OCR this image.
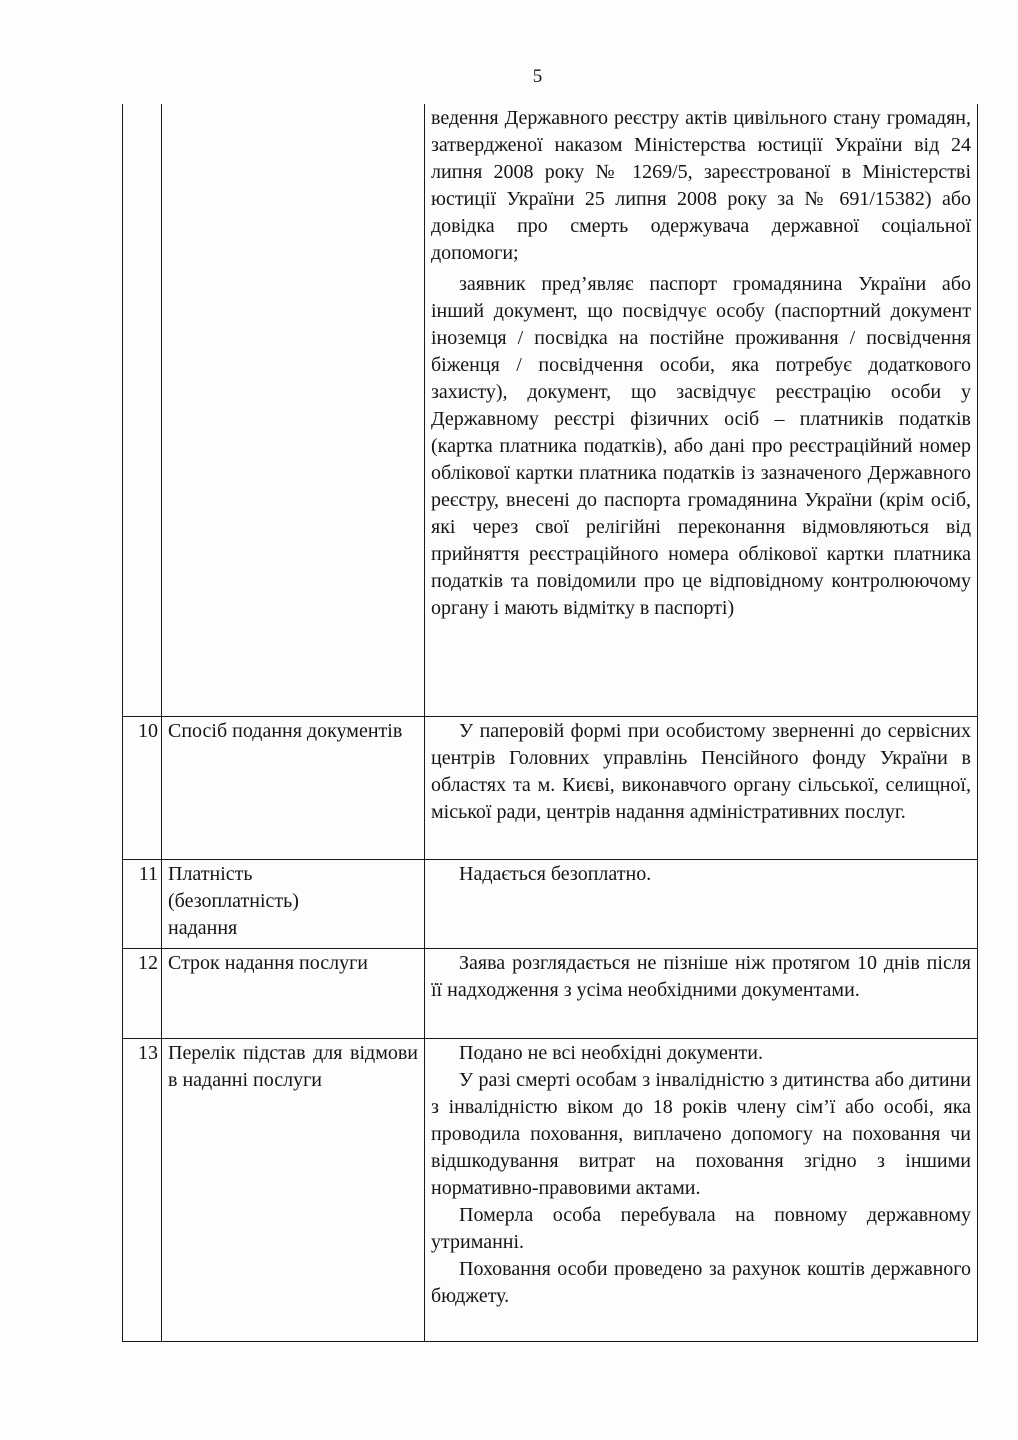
5

		ведення Державного реєстру актів цивільного стану громадян, затвердженої наказом Міністерства юстиції України від 24 липня 2008 року № 1269/5, зареєстрованої в Міністерстві юстиції України 25 липня 2008 року за № 691/15382) або довідка про смерть одержувача державної соціальної допомоги;

заявник пред’являє паспорт громадянина України або інший документ, що посвідчує особу (паспортний документ іноземця / посвідка на постійне проживання / посвідчення біженця / посвідчення особи, яка потребує додаткового захисту), документ, що засвідчує реєстрацію особи у Державному реєстрі фізичних осіб – платників податків (картка платника податків), або дані про реєстраційний номер облікової картки платника податків із зазначеного Державного реєстру, внесені до паспорта громадянина України (крім осіб, які через свої релігійні переконання відмовляються від прийняття реєстраційного номера облікової картки платника податків та повідомили про це відповідному контролюючому органу і мають відмітку в паспорті)

10	Спосіб подання документів	У паперовій формі при особистому зверненні до сервісних центрів Головних управлінь Пенсійного фонду України в областях та м. Києві, виконавчого органу сільської, селищної, міської ради, центрів надання адміністративних послуг.

11	Платність (безоплатність) надання	Надається безоплатно.

12	Строк надання послуги	Заява розглядається не пізніше ніж протягом 10 днів після її надходження з усіма необхідними документами.

13	Перелік підстав для відмови в наданні послуги	Подано не всі необхідні документи.

У разі смерті особам з інвалідністю з дитинства або дитини з інвалідністю віком до 18 років члену сім’ї або особі, яка проводила поховання, виплачено допомогу на поховання чи відшкодування витрат на поховання згідно з іншими нормативно-правовими актами.

Померла особа перебувала на повному державному утриманні.

Поховання особи проведено за рахунок коштів державного бюджету.
